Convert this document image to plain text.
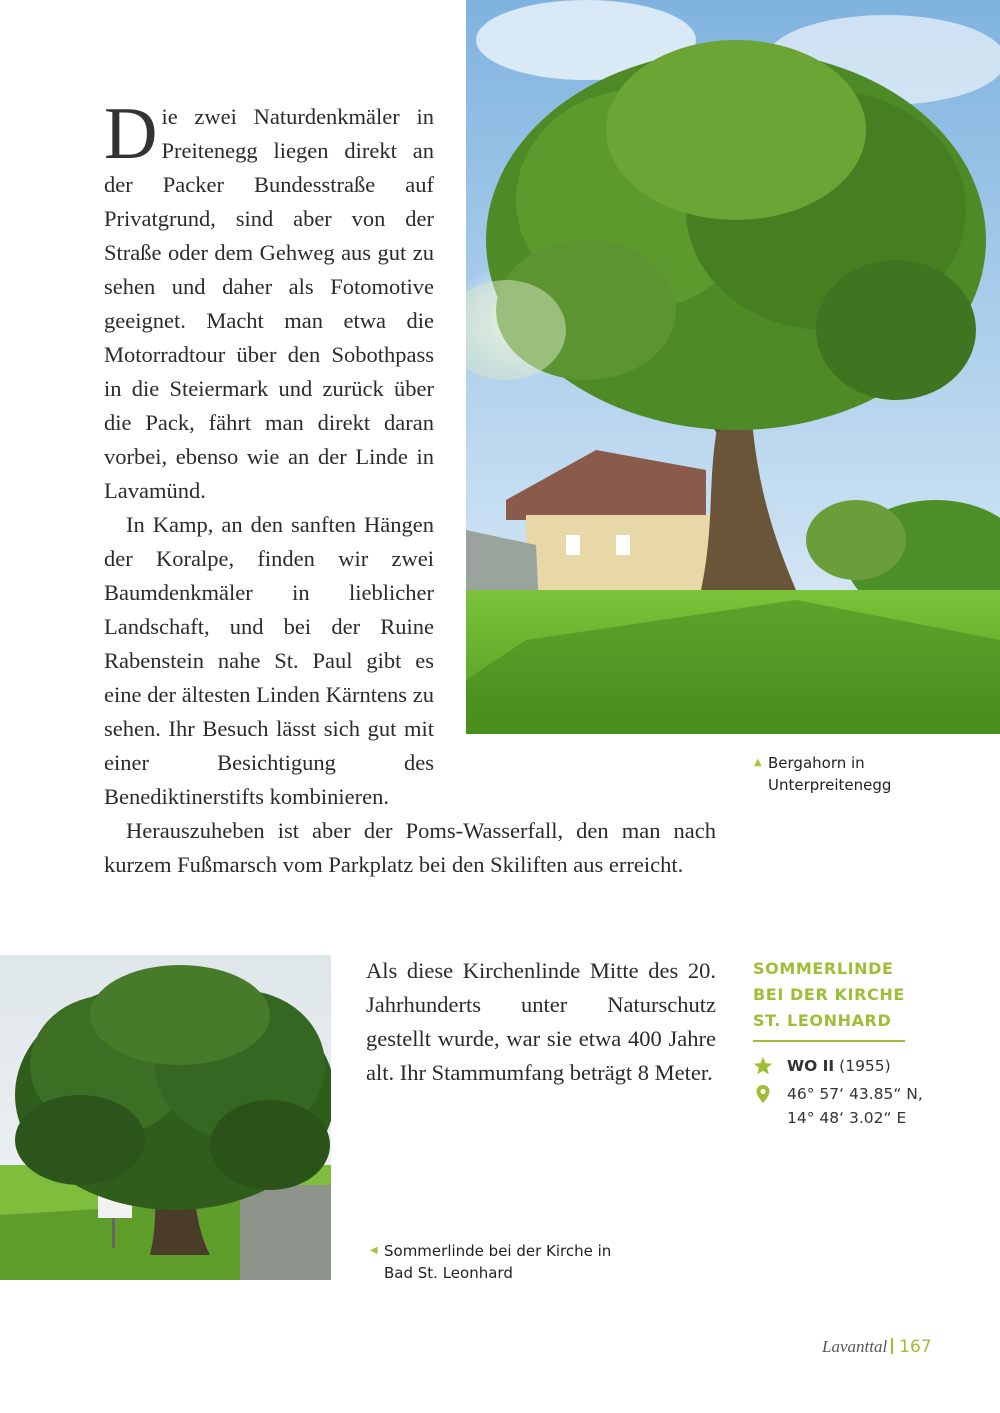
Die zwei Naturdenkmäler in Preitenegg liegen direkt an der Packer Bundesstraße auf Privatgrund, sind aber von der Straße oder dem Gehweg aus gut zu sehen und daher als Fotomotive geeignet. Macht man etwa die Motorradtour über den Sobothpass in die Steiermark und zurück über die Pack, fährt man direkt daran vorbei, ebenso wie an der Linde in Lavamünd.

In Kamp, an den sanften Hängen der Koralpe, finden wir zwei Baumdenkmäler in lieblicher Landschaft, und bei der Ruine Rabenstein nahe St. Paul gibt es eine der ältesten Linden Kärntens zu sehen. Ihr Besuch lässt sich gut mit einer Besichtigung des Benediktinerstifts kombinieren.

Herauszuheben ist aber der Poms-Wasserfall, den man nach kurzem Fußmarsch vom Parkplatz bei den Skiliften aus erreicht.

Als diese Kirchenlinde Mitte des 20. Jahrhunderts unter Naturschutz gestellt wurde, war sie etwa 400 Jahre alt. Ihr Stammumfang beträgt 8 Meter.

▲ Bergahorn in Unterpreitenegg
◀ Sommerlinde bei der Kirche in Bad St. Leonhard
SOMMERLINDE
BEI DER KIRCHE
ST. LEONHARD
WO II (1955)
46° 57‘ 43.85“ N,
14° 48‘ 3.02“ E
Lavanttal 167
